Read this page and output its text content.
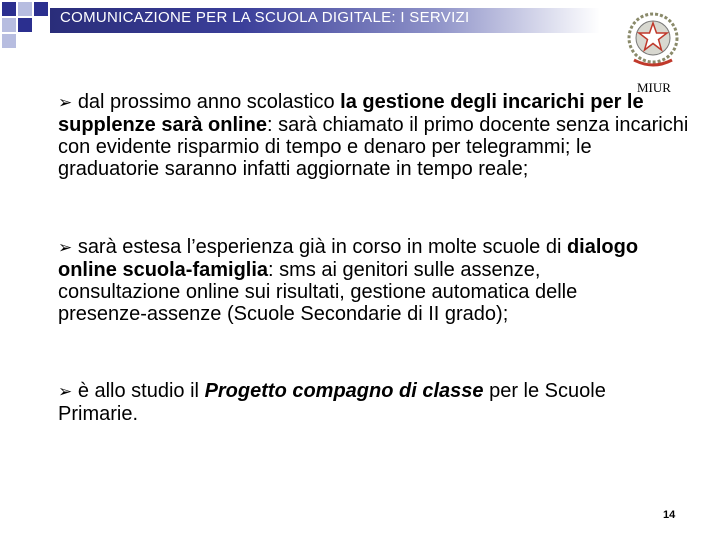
COMUNICAZIONE PER LA SCUOLA DIGITALE: I SERVIZI
MIUR
➢ dal prossimo anno scolastico la gestione degli incarichi per le supplenze sarà online: sarà chiamato il primo docente senza incarichi con evidente risparmio di tempo e denaro per telegrammi; le graduatorie saranno infatti aggiornate in tempo reale;
➢ sarà estesa l’esperienza già in corso in molte scuole di dialogo online scuola-famiglia: sms ai genitori sulle assenze, consultazione online sui risultati, gestione automatica delle presenze-assenze (Scuole Secondarie di II grado);
➢ è allo studio il Progetto compagno di classe per le Scuole Primarie.
14
